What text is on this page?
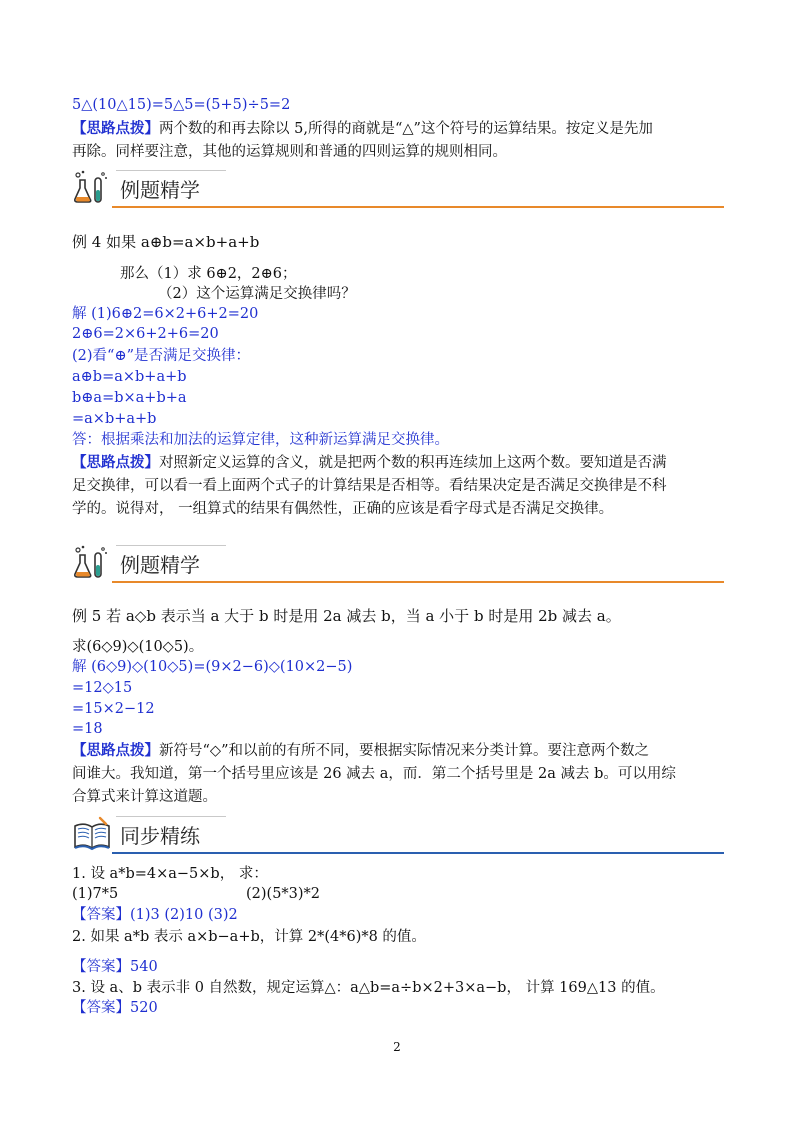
5△(10△15)=5△5=(5+5)÷5=2
【思路点拨】两个数的和再去除以 5,所得的商就是“△”这个符号的运算结果。按定义是先加
再除。同样要注意，其他的运算规则和普通的四则运算的规则相同。
例题精学
例 4 如果 a⊕b=a×b+a+b
那么（1）求 6⊕2，2⊕6；
（2）这个运算满足交换律吗？
解 (1)6⊕2=6×2+6+2=20
2⊕6=2×6+2+6=20
(2)看“⊕”是否满足交换律：
a⊕b=a×b+a+b
b⊕a=b×a+b+a
=a×b+a+b
答：根据乘法和加法的运算定律，这种新运算满足交换律。
【思路点拨】对照新定义运算的含义，就是把两个数的积再连续加上这两个数。要知道是否满
足交换律，可以看一看上面两个式子的计算结果是否相等。看结果决定是否满足交换律是不科
学的。说得对， 一组算式的结果有偶然性，正确的应该是看字母式是否满足交换律。
例题精学
例 5 若 a◇b 表示当 a 大于 b 时是用 2a 减去 b，当 a 小于 b 时是用 2b 减去 a。
求(6◇9)◇(10◇5)。
解 (6◇9)◇(10◇5)=(9×2−6)◇(10×2−5)
=12◇15
=15×2−12
=18
【思路点拨】新符号“◇”和以前的有所不同，要根据实际情况来分类计算。要注意两个数之
间谁大。我知道，第一个括号里应该是 26 减去 a，而．第二个括号里是 2a 减去 b。可以用综
合算式来计算这道题。
同步精练
1. 设 a*b=4×a−5×b， 求：
(1)7*5	(2)(5*3)*2
【答案】(1)3 (2)10 (3)2
2. 如果 a*b 表示 a×b−a+b，计算 2*(4*6)*8 的值。
【答案】540
3. 设 a、b 表示非 0 自然数，规定运算△：a△b=a÷b×2+3×a−b， 计算 169△13 的值。
【答案】520
2
